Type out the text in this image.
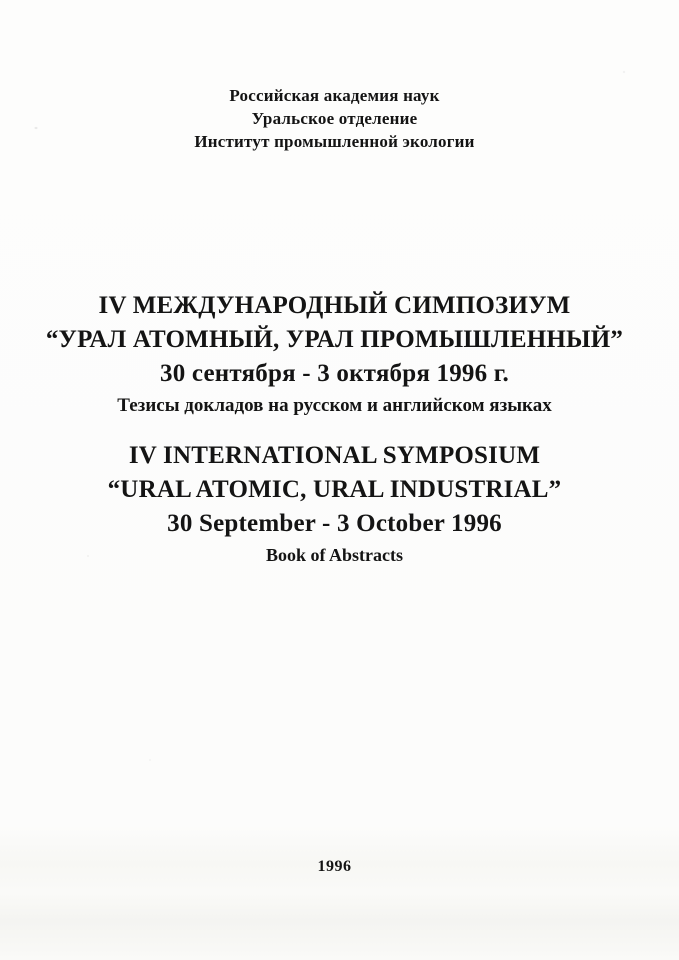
Российская академия наук
Уральское отделение
Институт промышленной экологии
IV МЕЖДУНАРОДНЫЙ СИМПОЗИУМ
“УРАЛ АТОМНЫЙ, УРАЛ ПРОМЫШЛЕННЫЙ”
30 сентября - 3 октября 1996 г.
Тезисы докладов на русском и английском языках
IV INTERNATIONAL SYMPOSIUM
“URAL ATOMIC, URAL INDUSTRIAL”
30 September - 3 October 1996
Book of Abstracts
1996
